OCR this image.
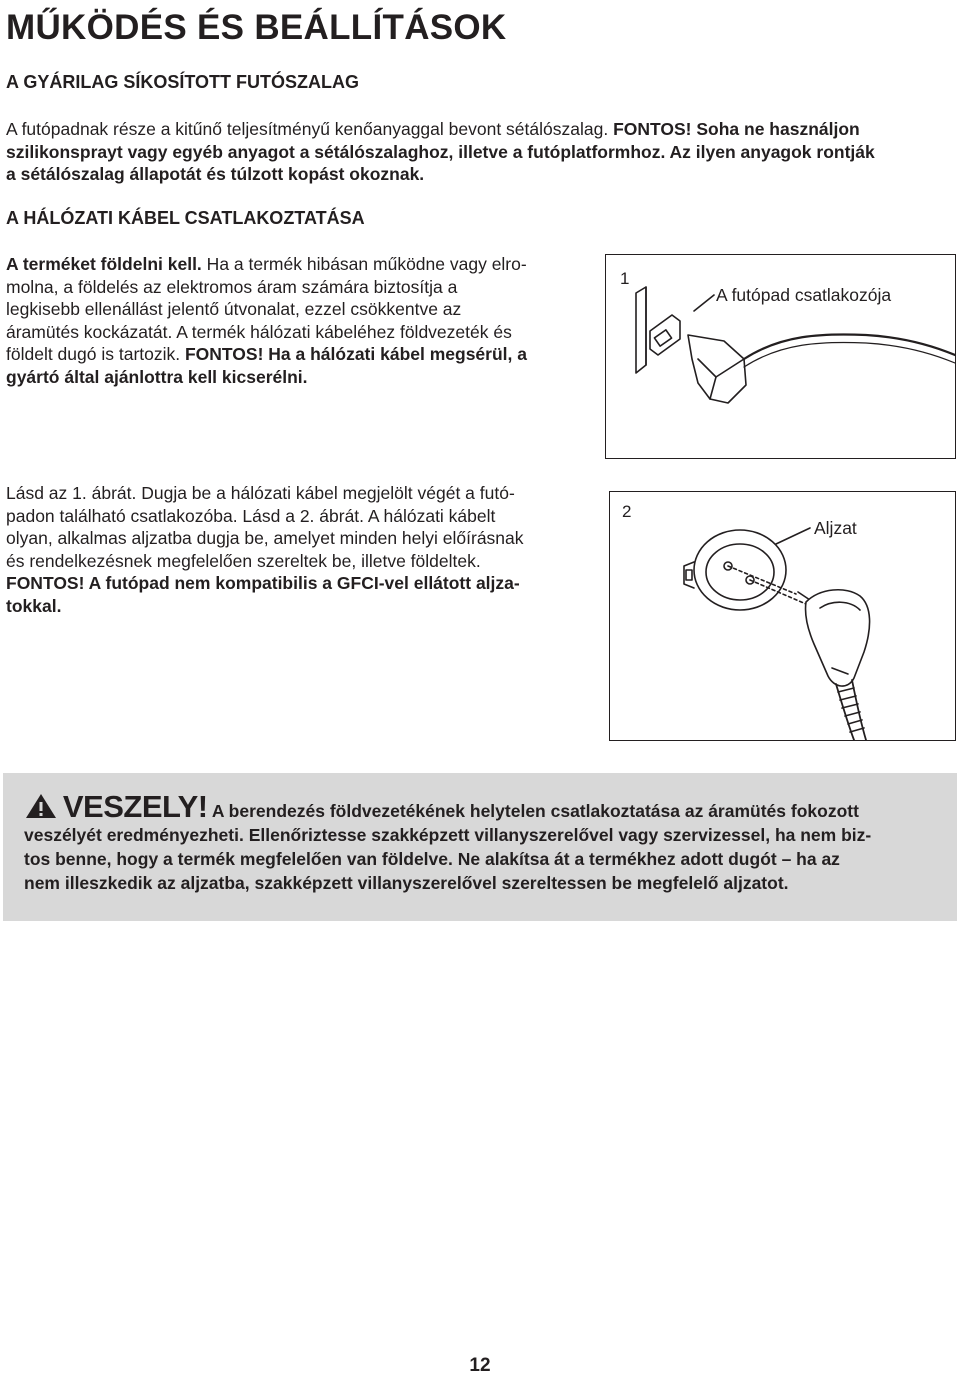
MŰKÖDÉS ÉS BEÁLLÍTÁSOK
A GYÁRILAG SÍKOSÍTOTT FUTÓSZALAG
A futópadnak része a kitűnő teljesítményű kenőanyaggal bevont sétálószalag. FONTOS! Soha ne használjon
szilikonsprayt vagy egyéb anyagot a sétálószalaghoz, illetve a futóplatformhoz. Az ilyen anyagok rontják
a sétálószalag állapotát és túlzott kopást okoznak.
A HÁLÓZATI KÁBEL CSATLAKOZTATÁSA
A terméket földelni kell. Ha a termék hibásan működne vagy elro-
molna, a földelés az elektromos áram számára biztosítja a
legkisebb ellenállást jelentő útvonalat, ezzel csökkentve az
áramütés kockázatát. A termék hálózati kábeléhez földvezeték és
földelt dugó is tartozik. FONTOS! Ha a hálózati kábel megsérül, a
gyártó által ajánlottra kell kicserélni.
1
A futópad csatlakozója
Lásd az 1. ábrát. Dugja be a hálózati kábel megjelölt végét a futó-
padon található csatlakozóba. Lásd a 2. ábrát. A hálózati kábelt
olyan, alkalmas aljzatba dugja be, amelyet minden helyi előírásnak
és rendelkezésnek megfelelően szereltek be, illetve földeltek.
FONTOS! A futópad nem kompatibilis a GFCI-vel ellátott aljza-
tokkal.
2
Aljzat
VESZELY! A berendezés földvezetékének helytelen csatlakoztatása az áramütés fokozott
veszélyét eredményezheti. Ellenőriztesse szakképzett villanyszerelővel vagy szervizessel, ha nem biz-
tos benne, hogy a termék megfelelően van földelve. Ne alakítsa át a termékhez adott dugót – ha az
nem illeszkedik az aljzatba, szakképzett villanyszerelővel szereltessen be megfelelő aljzatot.
12
